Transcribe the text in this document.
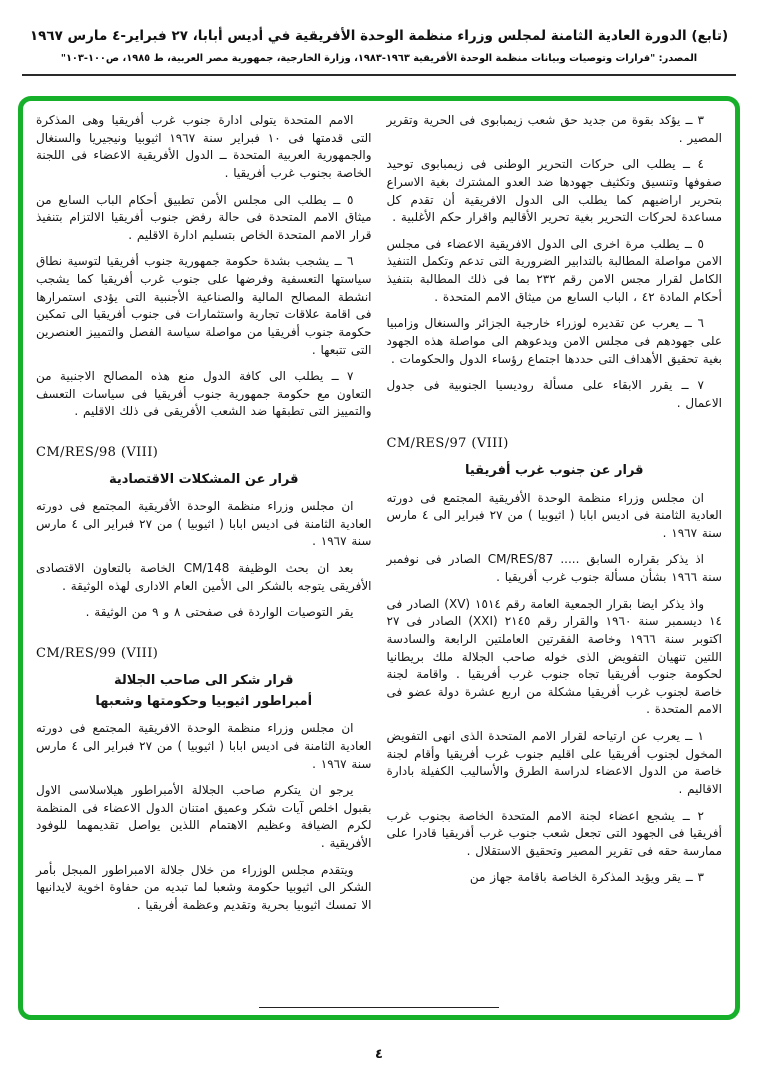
(تابع) الدورة العادية الثامنة لمجلس وزراء منظمة الوحدة الأفريقية في أديس أبابا، ٢٧ فبراير-٤ مارس ١٩٦٧
المصدر: "قرارات وتوصيات وبيانات منظمة الوحدة الأفريقية ١٩٦٣-١٩٨٣، وزارة الخارجية، جمهورية مصر العربية، ط ١٩٨٥، ص١٠٠-١٠٣"

٣ ــ يؤكد بقوة من جديد حق شعب زيمبابوى فى الحرية وتقرير المصير .

٤ ــ يطلب الى حركات التحرير الوطنى فى زيمبابوى توحيد صفوفها وتنسيق وتكثيف جهودها ضد العدو المشترك بغية الاسراع بتحرير اراضيهم كما يطلب الى الدول الافريقية أن تقدم كل مساعدة لحركات التحرير بغية تحرير الأقاليم واقرار حكم الأغلبية .

٥ ــ يطلب مرة اخرى الى الدول الافريقية الاعضاء فى مجلس الامن مواصلة المطالبة بالتدابير الضرورية التى تدعم وتكمل التنفيذ الكامل لقرار مجس الامن رقم ٢٣٢ بما فى ذلك المطالبة بتنفيذ أحكام المادة ٤٢ ، الباب السابع من ميثاق الامم المتحدة .

٦ ــ يعرب عن تقديره لوزراء خارجية الجزائر والسنغال وزامبيا على جهودهم فى مجلس الامن ويدعوهم الى مواصلة هذه الجهود بغية تحقيق الأهداف التى حددها اجتماع رؤساء الدول والحكومات .

٧ ــ يقرر الابقاء على مسألة روديسيا الجنوبية فى جدول الاعمال .

CM/RES/97 (VIII)
قرار عن جنوب غرب أفريقيا

ان مجلس وزراء منظمة الوحدة الأفريقية المجتمع فى دورته العادية الثامنة فى اديس ابابا ( اثيوبيا ) من ٢٧ فبراير الى ٤ مارس سنة ١٩٦٧ .

اذ يذكر بقراره السابق ..... CM/RES/87 الصادر فى نوفمبر سنة ١٩٦٦ بشأن مسألة جنوب غرب أفريقيا .

واذ يذكر ايضا بقرار الجمعية العامة رقم ١٥١٤ (XV) الصادر فى ١٤ ديسمبر سنة ١٩٦٠ والقرار رقم ٢١٤٥ (XXI) الصادر فى ٢٧ اكتوبر سنة ١٩٦٦ وخاصة الفقرتين العاملتين الرابعة والسادسة اللتين تنهيان التفويض الذى خوله صاحب الجلالة ملك بريطانيا لحكومة جنوب أفريقيا تجاه جنوب غرب أفريقيا . واقامة لجنة خاصة لجنوب غرب أفريقيا مشكلة من اربع عشرة دولة عضو فى الامم المتحدة .

١ ــ يعرب عن ارتياحه لقرار الامم المتحدة الذى انهى التفويض المخول لجنوب أفريقيا على اقليم جنوب غرب أفريقيا وأقام لجنة خاصة من الدول الاعضاء لدراسة الطرق والأساليب الكفيلة بادارة الاقاليم .

٢ ــ يشجع اعضاء لجنة الامم المتحدة الخاصة بجنوب غرب أفريقيا فى الجهود التى تجعل شعب جنوب غرب أفريقيا قادرا على ممارسة حقه فى تقرير المصير وتحقيق الاستقلال .

٣ ــ يقر ويؤيد المذكرة الخاصة باقامة جهاز من

الامم المتحدة يتولى ادارة جنوب غرب أفريقيا وهى المذكرة التى قدمتها فى ١٠ فبراير سنة ١٩٦٧ اثيوبيا ونيجيريا والسنغال والجمهورية العربية المتحدة ــ الدول الأفريقية الاعضاء فى اللجنة الخاصة بجنوب غرب أفريقيا .

٥ ــ يطلب الى مجلس الأمن تطبيق أحكام الباب السابع من ميثاق الامم المتحدة فى حالة رفض جنوب أفريقيا الالتزام بتنفيذ قرار الامم المتحدة الخاص بتسليم ادارة الاقليم .

٦ ــ يشجب بشدة حكومة جمهورية جنوب أفريقيا لتوسية نطاق سياستها التعسفية وفرضها على جنوب غرب أفريقيا كما يشجب انشطة المصالح المالية والصناعية الأجنبية التى يؤدى استمرارها فى اقامة علاقات تجارية واستثمارات فى جنوب أفريقيا الى تمكين حكومة جنوب أفريقيا من مواصلة سياسة الفصل والتمييز العنصرين التى تتبعها .

٧ ــ يطلب الى كافة الدول منع هذه المصالح الاجنبية من التعاون مع حكومة جمهورية جنوب أفريقيا فى سياسات التعسف والتمييز التى تطبقها ضد الشعب الأفريقى فى ذلك الاقليم .

CM/RES/98 (VIII)
قرار عن المشكلات الاقتصادية

ان مجلس وزراء منظمة الوحدة الأفريقية المجتمع فى دورته العادية الثامنة فى اديس ابابا ( اثيوبيا ) من ٢٧ فبراير الى ٤ مارس سنة ١٩٦٧ .

بعد ان بحث الوظيفة CM/148 الخاصة بالتعاون الاقتصادى الأفريقى يتوجه بالشكر الى الأمين العام الادارى لهذه الوثيقة .

يقر التوصيات الواردة فى صفحتى ٨ و ٩ من الوثيقة .

CM/RES/99 (VIII)
قرار شكر الى صاحب الجلالة
أمبراطور اثيوبيا وحكومتها وشعبها

ان مجلس وزراء منظمة الوحدة الافريقية المجتمع فى دورته العادية الثامنة فى اديس ابابا ( اثيوبيا ) من ٢٧ فبراير الى ٤ مارس سنة ١٩٦٧ .

يرجو ان يتكرم صاحب الجلالة الأمبراطور هيلاسلاسى الاول بقبول اخلص آيات شكر وعميق امتنان الدول الاعضاء فى المنظمة لكرم الضيافة وعظيم الاهتمام اللذين يواصل تقديمهما للوفود الأفريقية .

ويتقدم مجلس الوزراء من خلال جلالة الامبراطور المبجل بأمر الشكر الى اثيوبيا حكومة وشعبا لما تبديه من حفاوة اخوية لايدانيها الا تمسك اثيوبيا بحرية وتقديم وعظمة أفريقيا .

٤
